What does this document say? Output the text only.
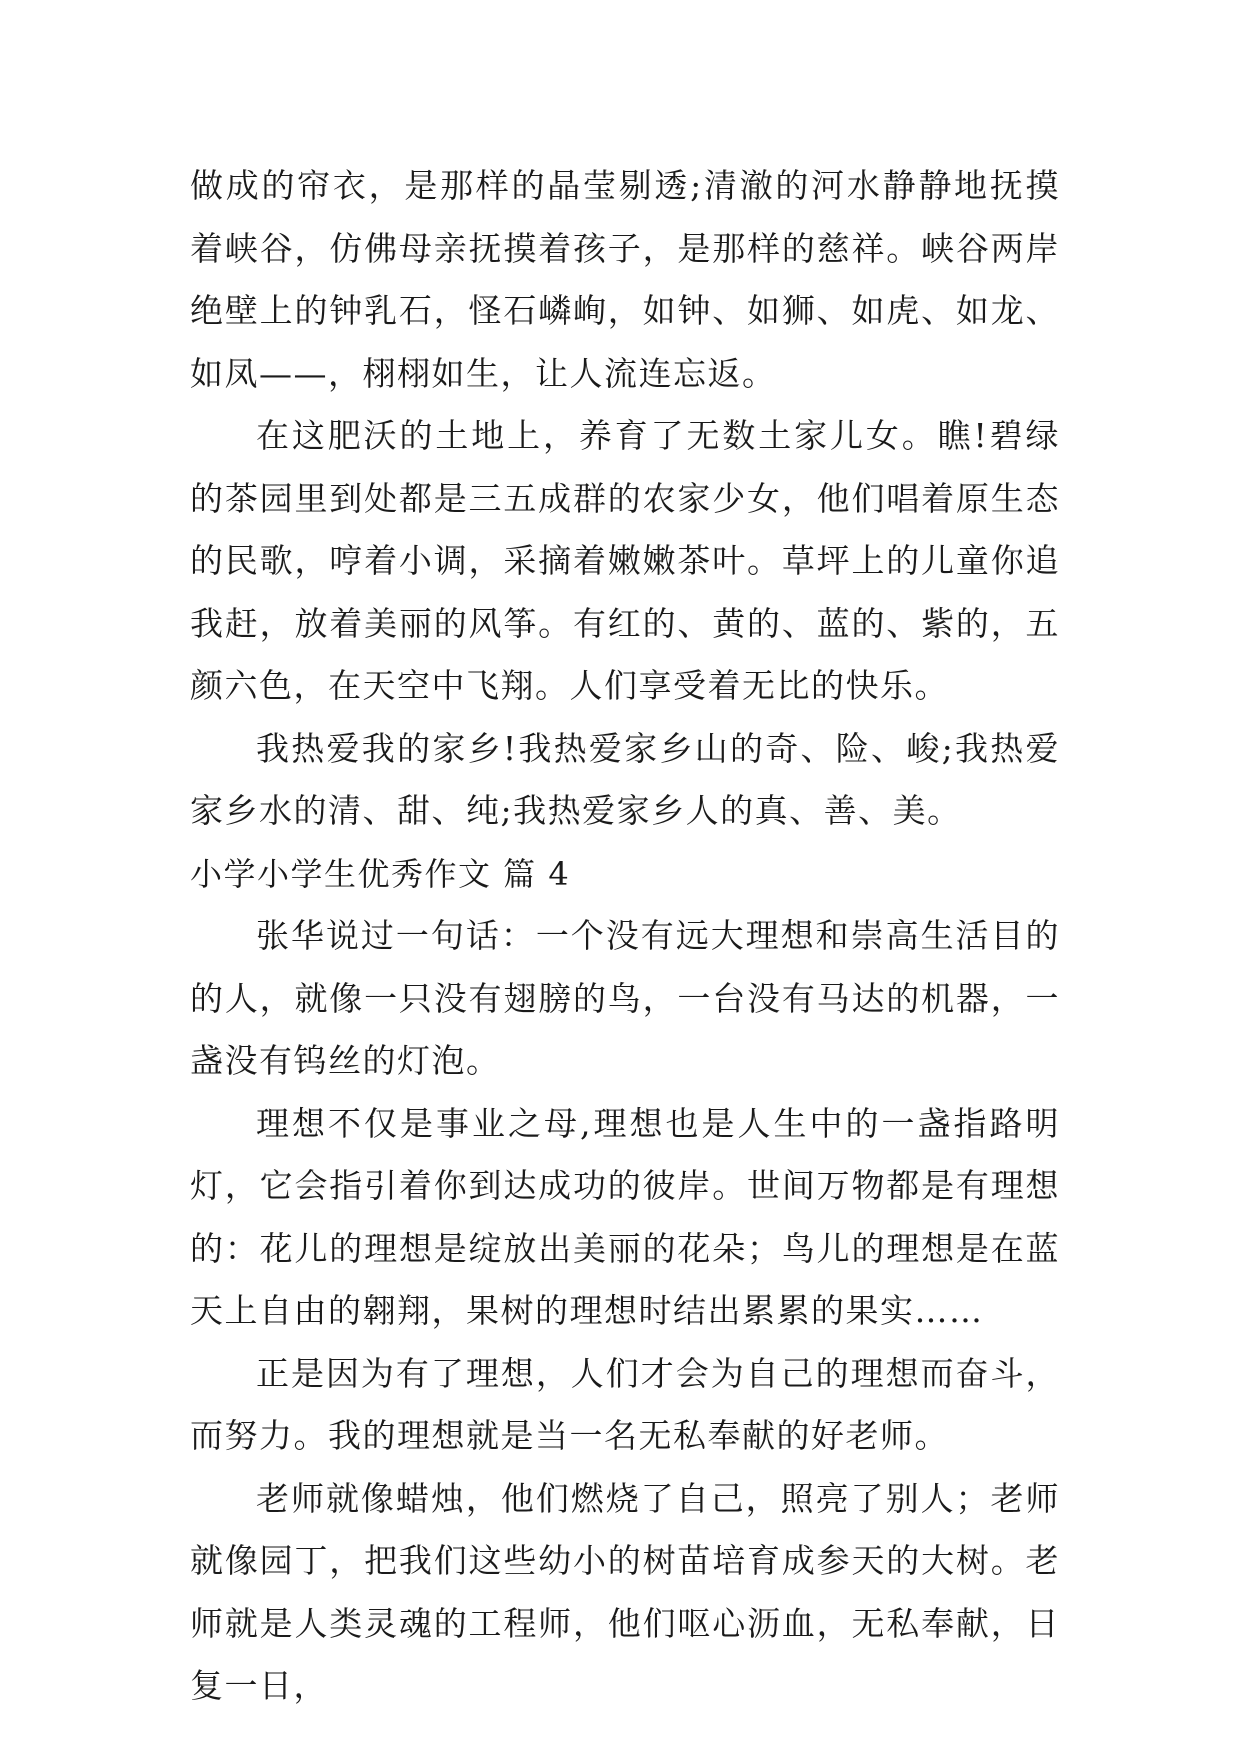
做成的帘衣，是那样的晶莹剔透;清澈的河水静静地抚摸着峡谷，仿佛母亲抚摸着孩子，是那样的慈祥。峡谷两岸绝壁上的钟乳石，怪石嶙峋，如钟、如狮、如虎、如龙、如凤——，栩栩如生，让人流连忘返。

在这肥沃的土地上，养育了无数土家儿女。瞧!碧绿的茶园里到处都是三五成群的农家少女，他们唱着原生态的民歌，哼着小调，采摘着嫩嫩茶叶。草坪上的儿童你追我赶，放着美丽的风筝。有红的、黄的、蓝的、紫的，五颜六色，在天空中飞翔。人们享受着无比的快乐。

我热爱我的家乡!我热爱家乡山的奇、险、峻;我热爱家乡水的清、甜、纯;我热爱家乡人的真、善、美。

小学小学生优秀作文 篇 4

张华说过一句话：一个没有远大理想和崇高生活目的的人，就像一只没有翅膀的鸟，一台没有马达的机器，一盏没有钨丝的灯泡。

理想不仅是事业之母,理想也是人生中的一盏指路明灯，它会指引着你到达成功的彼岸。世间万物都是有理想的：花儿的理想是绽放出美丽的花朵；鸟儿的理想是在蓝天上自由的翱翔，果树的理想时结出累累的果实……

正是因为有了理想，人们才会为自己的理想而奋斗，而努力。我的理想就是当一名无私奉献的好老师。

老师就像蜡烛，他们燃烧了自己，照亮了别人；老师就像园丁，把我们这些幼小的树苗培育成参天的大树。老师就是人类灵魂的工程师，他们呕心沥血，无私奉献，日复一日，
